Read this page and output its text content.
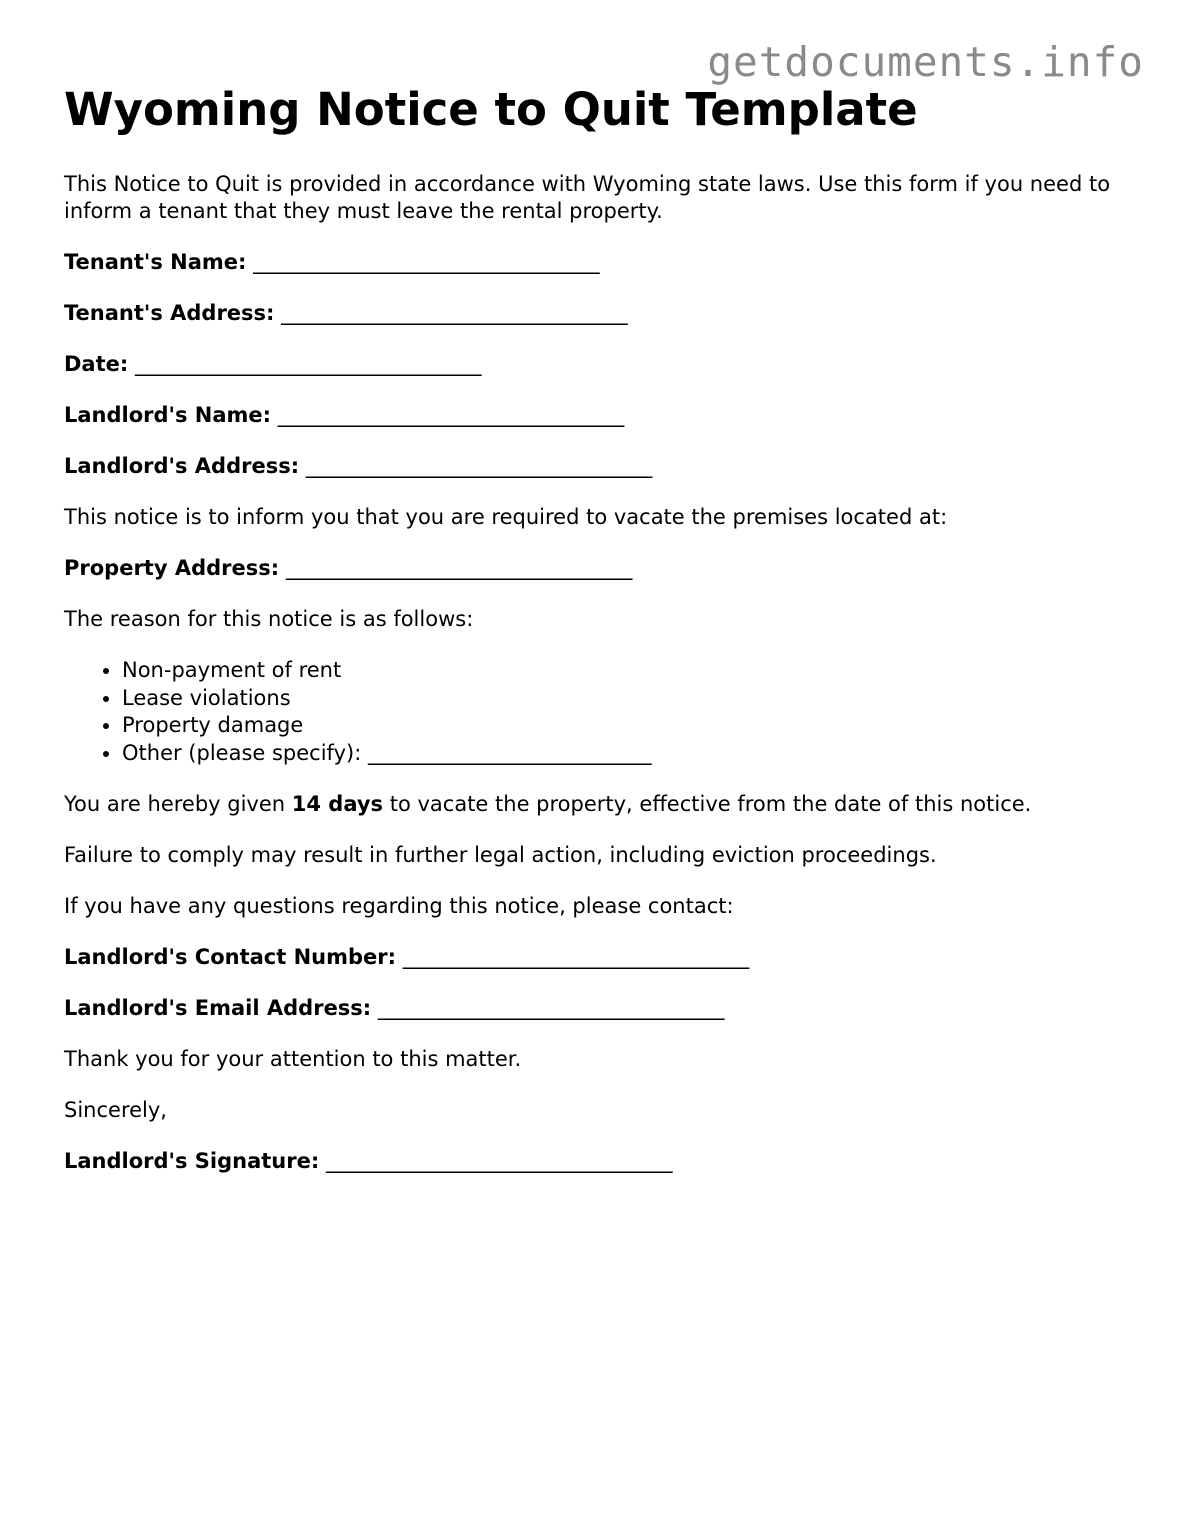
getdocuments.info
Wyoming Notice to Quit Template

This Notice to Quit is provided in accordance with Wyoming state laws. Use this form if you need to inform a tenant that they must leave the rental property.

Tenant's Name: _________________________________

Tenant's Address: _________________________________

Date: _________________________________

Landlord's Name: _________________________________

Landlord's Address: _________________________________

This notice is to inform you that you are required to vacate the premises located at:

Property Address: _________________________________

The reason for this notice is as follows:

• Non-payment of rent
• Lease violations
• Property damage
• Other (please specify): ___________________________

You are hereby given 14 days to vacate the property, effective from the date of this notice.

Failure to comply may result in further legal action, including eviction proceedings.

If you have any questions regarding this notice, please contact:

Landlord's Contact Number: _________________________________

Landlord's Email Address: _________________________________

Thank you for your attention to this matter.

Sincerely,

Landlord's Signature: _________________________________
